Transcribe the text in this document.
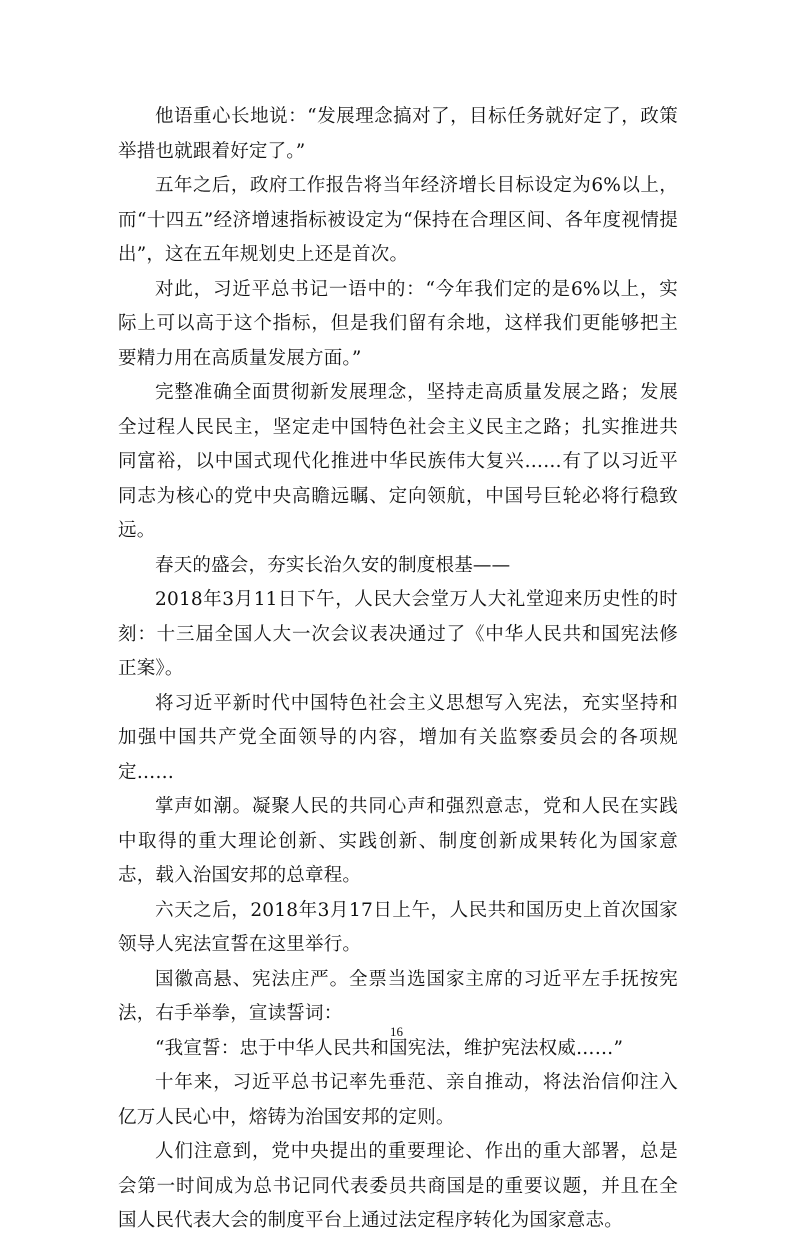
他语重心长地说：“发展理念搞对了，目标任务就好定了，政策举措也就跟着好定了。”

五年之后，政府工作报告将当年经济增长目标设定为6%以上，而“十四五”经济增速指标被设定为“保持在合理区间、各年度视情提出”，这在五年规划史上还是首次。

对此，习近平总书记一语中的：“今年我们定的是6%以上，实际上可以高于这个指标，但是我们留有余地，这样我们更能够把主要精力用在高质量发展方面。”

完整准确全面贯彻新发展理念，坚持走高质量发展之路；发展全过程人民民主，坚定走中国特色社会主义民主之路；扎实推进共同富裕，以中国式现代化推进中华民族伟大复兴……有了以习近平同志为核心的党中央高瞻远瞩、定向领航，中国号巨轮必将行稳致远。

春天的盛会，夯实长治久安的制度根基——

2018年3月11日下午，人民大会堂万人大礼堂迎来历史性的时刻：十三届全国人大一次会议表决通过了《中华人民共和国宪法修正案》。

将习近平新时代中国特色社会主义思想写入宪法，充实坚持和加强中国共产党全面领导的内容，增加有关监察委员会的各项规定……

掌声如潮。凝聚人民的共同心声和强烈意志，党和人民在实践中取得的重大理论创新、实践创新、制度创新成果转化为国家意志，载入治国安邦的总章程。

六天之后，2018年3月17日上午，人民共和国历史上首次国家领导人宪法宣誓在这里举行。

国徽高悬、宪法庄严。全票当选国家主席的习近平左手抚按宪法，右手举拳，宣读誓词：

“我宣誓：忠于中华人民共和国宪法，维护宪法权威……”

十年来，习近平总书记率先垂范、亲自推动，将法治信仰注入亿万人民心中，熔铸为治国安邦的定则。

人们注意到，党中央提出的重要理论、作出的重大部署，总是会第一时间成为总书记同代表委员共商国是的重要议题，并且在全国人民代表大会的制度平台上通过法定程序转化为国家意志。

16
